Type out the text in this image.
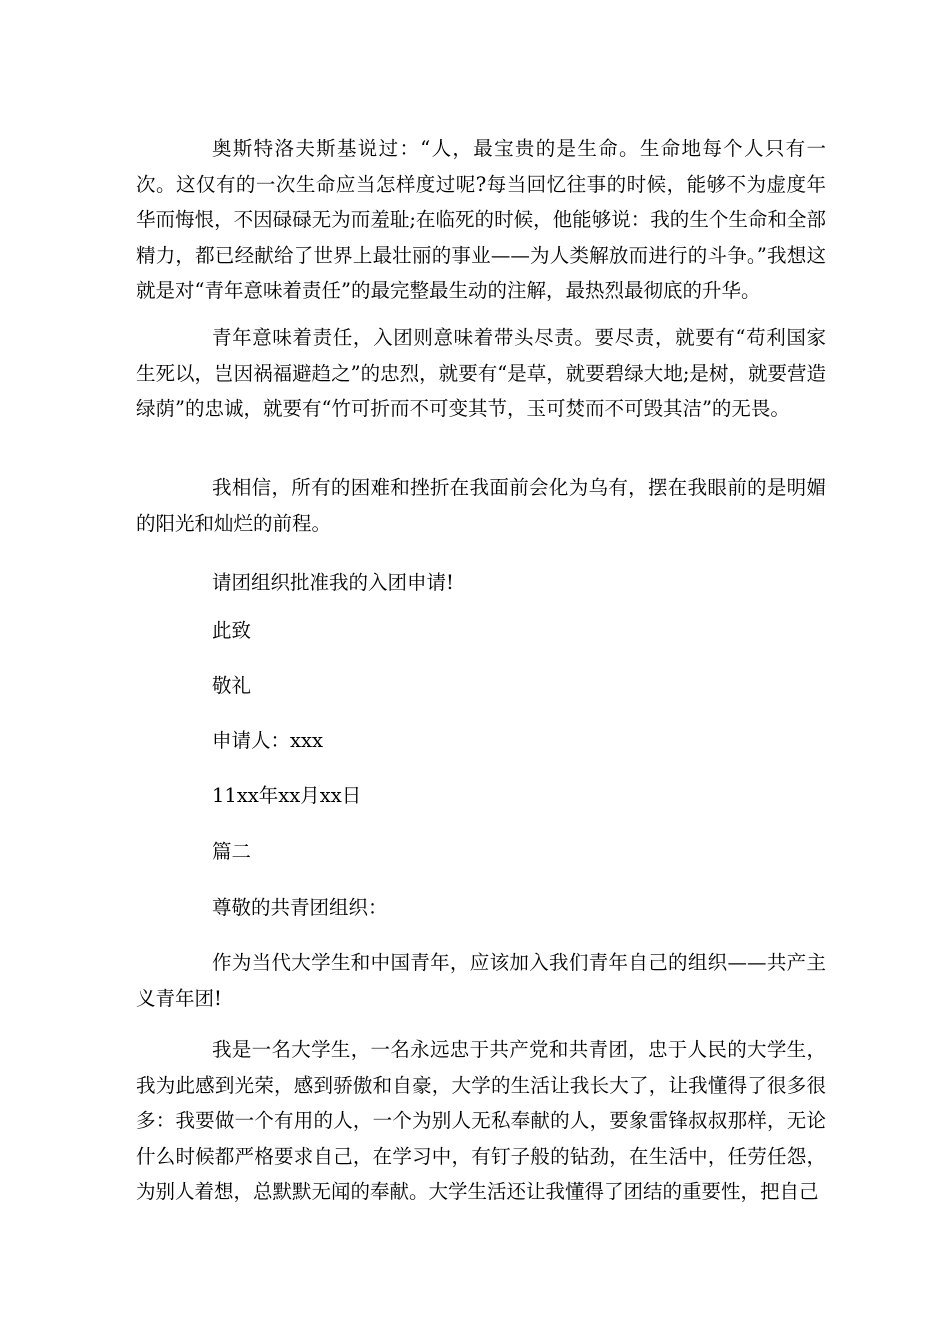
奥斯特洛夫斯基说过：“人，最宝贵的是生命。生命地每个人只有一次。这仅有的一次生命应当怎样度过呢?每当回忆往事的时候，能够不为虚度年华而悔恨，不因碌碌无为而羞耻;在临死的时候，他能够说：我的生个生命和全部精力，都已经献给了世界上最壮丽的事业——为人类解放而进行的斗争。”我想这就是对“青年意味着责任”的最完整最生动的注解，最热烈最彻底的升华。

青年意味着责任，入团则意味着带头尽责。要尽责，就要有“苟利国家生死以，岂因祸福避趋之”的忠烈，就要有“是草，就要碧绿大地;是树，就要营造绿荫”的忠诚，就要有“竹可折而不可变其节，玉可焚而不可毁其洁”的无畏。

我相信，所有的困难和挫折在我面前会化为乌有，摆在我眼前的是明媚的阳光和灿烂的前程。

请团组织批准我的入团申请!

此致

敬礼

申请人：xxx

11xx年xx月xx日

篇二

尊敬的共青团组织：

作为当代大学生和中国青年，应该加入我们青年自己的组织——共产主义青年团!

我是一名大学生，一名永远忠于共产党和共青团，忠于人民的大学生，我为此感到光荣，感到骄傲和自豪，大学的生活让我长大了，让我懂得了很多很多：我要做一个有用的人，一个为别人无私奉献的人，要象雷锋叔叔那样，无论什么时候都严格要求自己，在学习中，有钉子般的钻劲，在生活中，任劳任怨，为别人着想，总默默无闻的奉献。大学生活还让我懂得了团结的重要性，把自己
